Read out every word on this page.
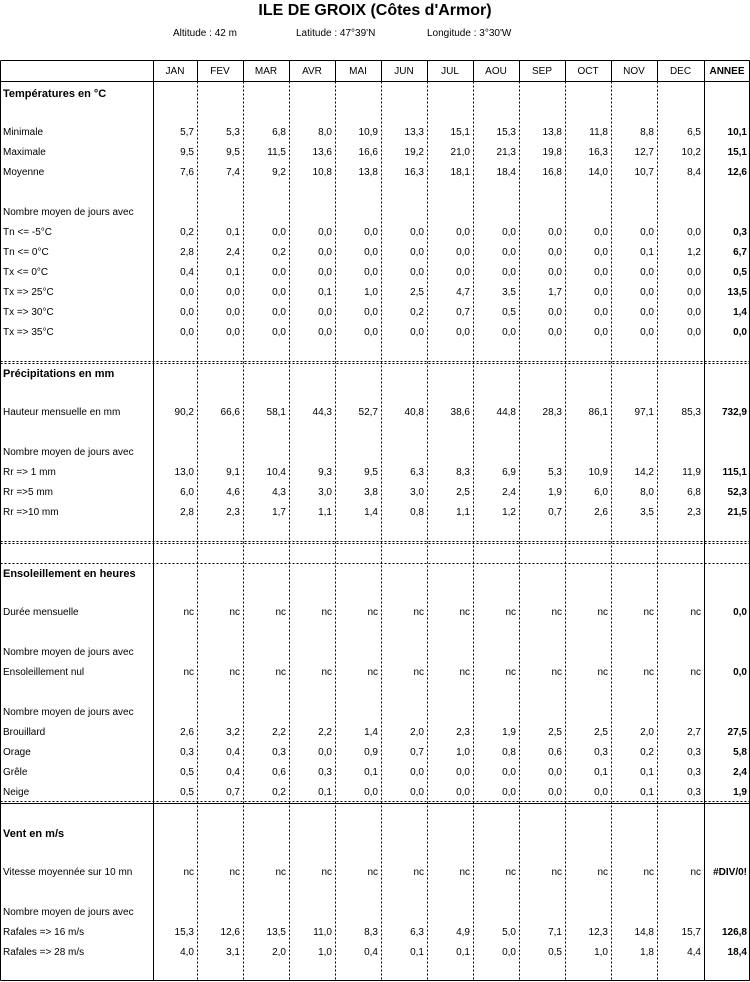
ILE DE GROIX (Côtes d'Armor)
Altitude : 42 m	Latitude : 47°39'N	Longitude : 3°30'W
JAN	FEV	MAR	AVR	MAI	JUN	JUL	AOU	SEP	OCT	NOV	DEC	ANNEE
Températures en °C
Minimale	5,7	5,3	6,8	8,0	10,9	13,3	15,1	15,3	13,8	11,8	8,8	6,5	10,1
Maximale	9,5	9,5	11,5	13,6	16,6	19,2	21,0	21,3	19,8	16,3	12,7	10,2	15,1
Moyenne	7,6	7,4	9,2	10,8	13,8	16,3	18,1	18,4	16,8	14,0	10,7	8,4	12,6
Nombre moyen de jours avec
Tn <= -5°C	0,2	0,1	0,0	0,0	0,0	0,0	0,0	0,0	0,0	0,0	0,0	0,0	0,3
Tn <= 0°C	2,8	2,4	0,2	0,0	0,0	0,0	0,0	0,0	0,0	0,0	0,1	1,2	6,7
Tx <= 0°C	0,4	0,1	0,0	0,0	0,0	0,0	0,0	0,0	0,0	0,0	0,0	0,0	0,5
Tx => 25°C	0,0	0,0	0,0	0,1	1,0	2,5	4,7	3,5	1,7	0,0	0,0	0,0	13,5
Tx => 30°C	0,0	0,0	0,0	0,0	0,0	0,2	0,7	0,5	0,0	0,0	0,0	0,0	1,4
Tx => 35°C	0,0	0,0	0,0	0,0	0,0	0,0	0,0	0,0	0,0	0,0	0,0	0,0	0,0
Précipitations en mm
Hauteur mensuelle en mm	90,2	66,6	58,1	44,3	52,7	40,8	38,6	44,8	28,3	86,1	97,1	85,3	732,9
Nombre moyen de jours avec
Rr => 1 mm	13,0	9,1	10,4	9,3	9,5	6,3	8,3	6,9	5,3	10,9	14,2	11,9	115,1
Rr =>5 mm	6,0	4,6	4,3	3,0	3,8	3,0	2,5	2,4	1,9	6,0	8,0	6,8	52,3
Rr =>10 mm	2,8	2,3	1,7	1,1	1,4	0,8	1,1	1,2	0,7	2,6	3,5	2,3	21,5
Ensoleillement en heures
Durée mensuelle	nc	nc	nc	nc	nc	nc	nc	nc	nc	nc	nc	nc	0,0
Nombre moyen de jours avec
Ensoleillement nul	nc	nc	nc	nc	nc	nc	nc	nc	nc	nc	nc	nc	0,0
Nombre moyen de jours avec
Brouillard	2,6	3,2	2,2	2,2	1,4	2,0	2,3	1,9	2,5	2,5	2,0	2,7	27,5
Orage	0,3	0,4	0,3	0,0	0,9	0,7	1,0	0,8	0,6	0,3	0,2	0,3	5,8
Grêle	0,5	0,4	0,6	0,3	0,1	0,0	0,0	0,0	0,0	0,1	0,1	0,3	2,4
Neige	0,5	0,7	0,2	0,1	0,0	0,0	0,0	0,0	0,0	0,0	0,1	0,3	1,9
Vent en m/s
Vitesse moyennée sur 10 mn	nc	nc	nc	nc	nc	nc	nc	nc	nc	nc	nc	nc	#DIV/0!
Nombre moyen de jours avec
Rafales => 16 m/s	15,3	12,6	13,5	11,0	8,3	6,3	4,9	5,0	7,1	12,3	14,8	15,7	126,8
Rafales => 28 m/s	4,0	3,1	2,0	1,0	0,4	0,1	0,1	0,0	0,5	1,0	1,8	4,4	18,4
